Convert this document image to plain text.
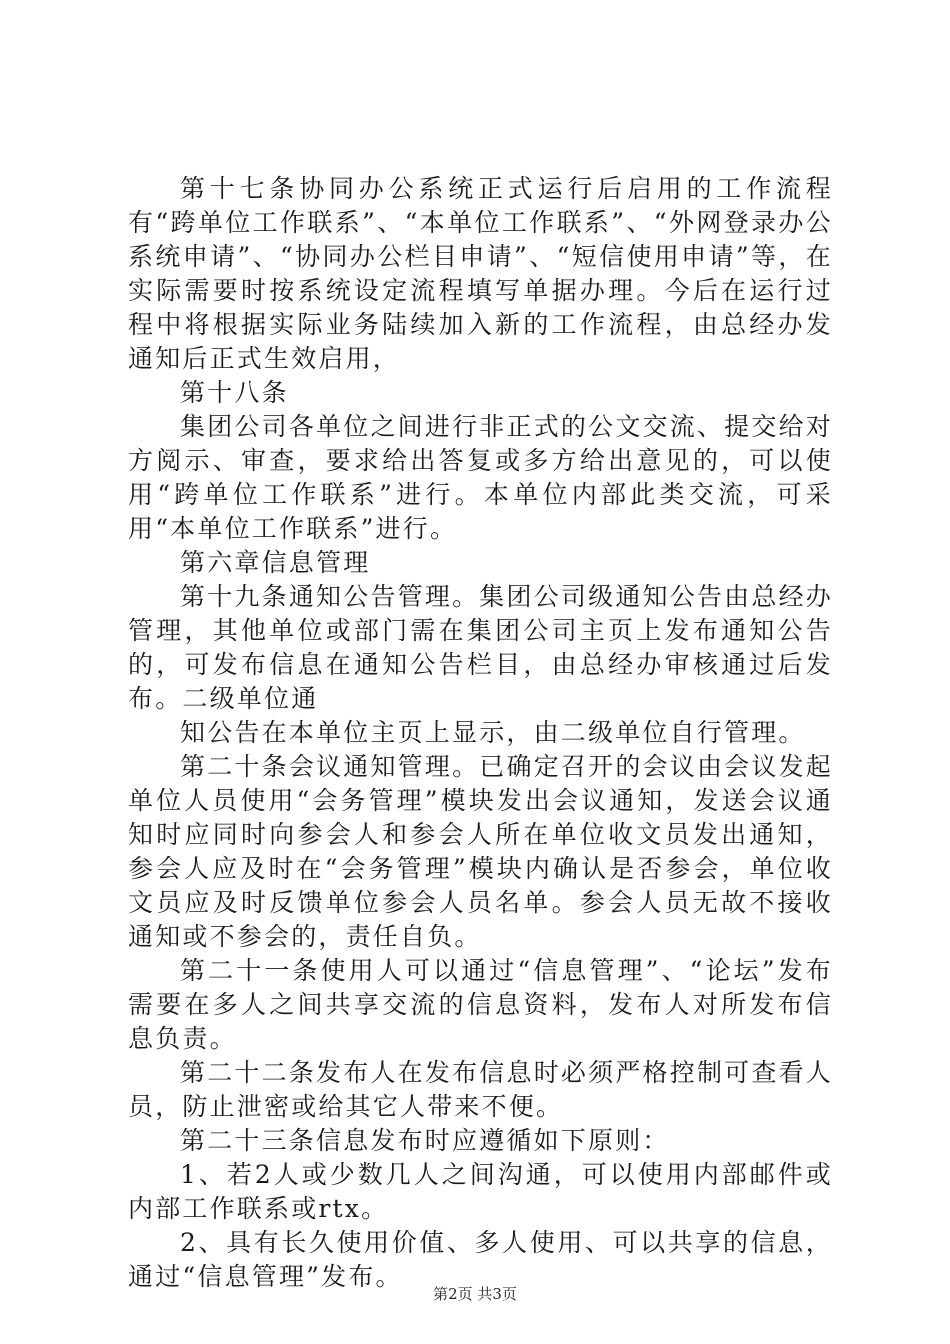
第十七条协同办公系统正式运行后启用的工作流程有“跨单位工作联系”、“本单位工作联系”、“外网登录办公系统申请”、“协同办公栏目申请”、“短信使用申请”等，在实际需要时按系统设定流程填写单据办理。今后在运行过程中将根据实际业务陆续加入新的工作流程，由总经办发通知后正式生效启用，

第十八条

集团公司各单位之间进行非正式的公文交流、提交给对方阅示、审查，要求给出答复或多方给出意见的，可以使用“跨单位工作联系”进行。本单位内部此类交流，可采用“本单位工作联系”进行。

第六章信息管理

第十九条通知公告管理。集团公司级通知公告由总经办管理，其他单位或部门需在集团公司主页上发布通知公告的，可发布信息在通知公告栏目，由总经办审核通过后发布。二级单位通

知公告在本单位主页上显示，由二级单位自行管理。

第二十条会议通知管理。已确定召开的会议由会议发起单位人员使用“会务管理”模块发出会议通知，发送会议通知时应同时向参会人和参会人所在单位收文员发出通知，参会人应及时在“会务管理”模块内确认是否参会，单位收文员应及时反馈单位参会人员名单。参会人员无故不接收通知或不参会的，责任自负。

第二十一条使用人可以通过“信息管理”、“论坛”发布需要在多人之间共享交流的信息资料，发布人对所发布信息负责。

第二十二条发布人在发布信息时必须严格控制可查看人员，防止泄密或给其它人带来不便。

第二十三条信息发布时应遵循如下原则：

1、若2人或少数几人之间沟通，可以使用内部邮件或内部工作联系或rtx。

2、具有长久使用价值、多人使用、可以共享的信息，通过“信息管理”发布。

第2页 共3页
